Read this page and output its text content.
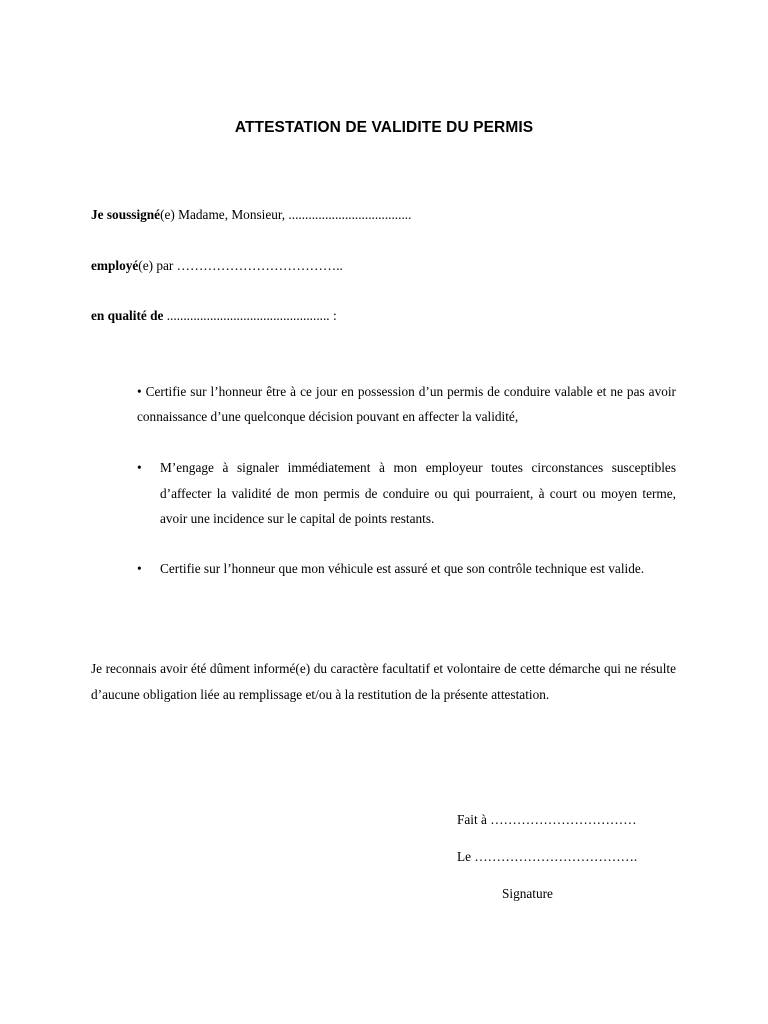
ATTESTATION DE VALIDITE DU PERMIS
Je soussigné(e) Madame, Monsieur, .....................................
employé(e) par ………………………………..
en qualité de ................................................. :
• Certifie sur l’honneur être à ce jour en possession d’un permis de conduire valable et ne pas avoir connaissance d’une quelconque décision pouvant en affecter la validité,
• M’engage à signaler immédiatement à mon employeur toutes circonstances susceptibles d’affecter la validité de mon permis de conduire ou qui pourraient, à court ou moyen terme, avoir une incidence sur le capital de points restants.
• Certifie sur l’honneur que mon véhicule est assuré et que son contrôle technique est valide.
Je reconnais avoir été dûment informé(e) du caractère facultatif et volontaire de cette démarche qui ne résulte d’aucune obligation liée au remplissage et/ou à la restitution de la présente attestation.
Fait à ……………………………
Le ……………………………….
Signature
